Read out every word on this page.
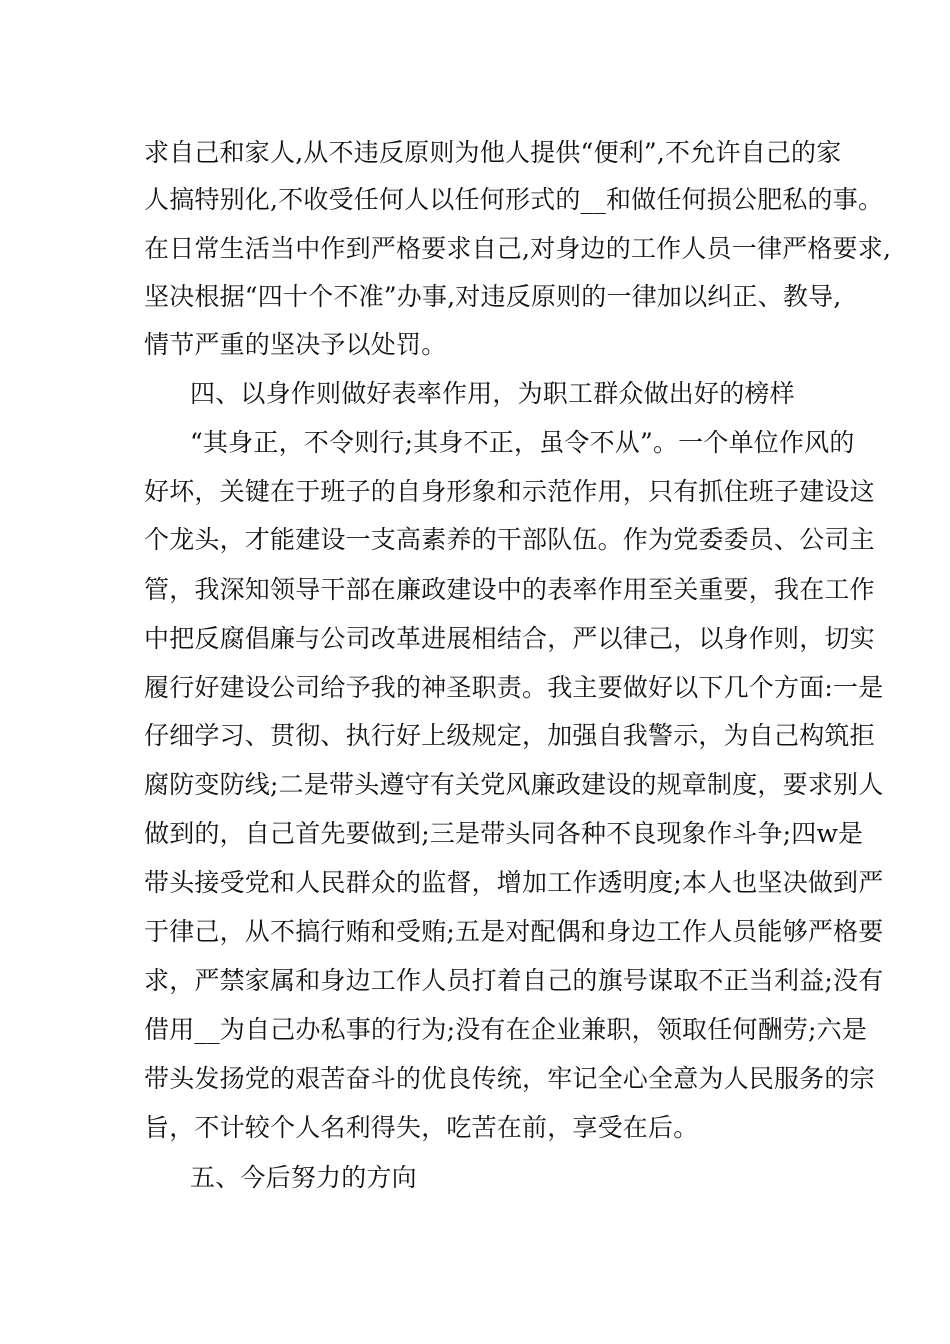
求自己和家人,从不违反原则为他人提供“便利”,不允许自己的家
人搞特别化,不收受任何人以任何形式的__和做任何损公肥私的事。
在日常生活当中作到严格要求自己,对身边的工作人员一律严格要求,
坚决根据“四十个不准”办事,对违反原则的一律加以纠正、教导,
情节严重的坚决予以处罚。
四、以身作则做好表率作用，为职工群众做出好的榜样
“其身正，不令则行;其身不正，虽令不从”。一个单位作风的
好坏，关键在于班子的自身形象和示范作用，只有抓住班子建设这
个龙头，才能建设一支高素养的干部队伍。作为党委委员、公司主
管，我深知领导干部在廉政建设中的表率作用至关重要，我在工作
中把反腐倡廉与公司改革进展相结合，严以律己，以身作则，切实
履行好建设公司给予我的神圣职责。我主要做好以下几个方面:一是
仔细学习、贯彻、执行好上级规定，加强自我警示，为自己构筑拒
腐防变防线;二是带头遵守有关党风廉政建设的规章制度，要求别人
做到的，自己首先要做到;三是带头同各种不良现象作斗争;四w是
带头接受党和人民群众的监督，增加工作透明度;本人也坚决做到严
于律己，从不搞行贿和受贿;五是对配偶和身边工作人员能够严格要
求，严禁家属和身边工作人员打着自己的旗号谋取不正当利益;没有
借用__为自己办私事的行为;没有在企业兼职，领取任何酬劳;六是
带头发扬党的艰苦奋斗的优良传统，牢记全心全意为人民服务的宗
旨，不计较个人名利得失，吃苦在前，享受在后。
五、今后努力的方向
